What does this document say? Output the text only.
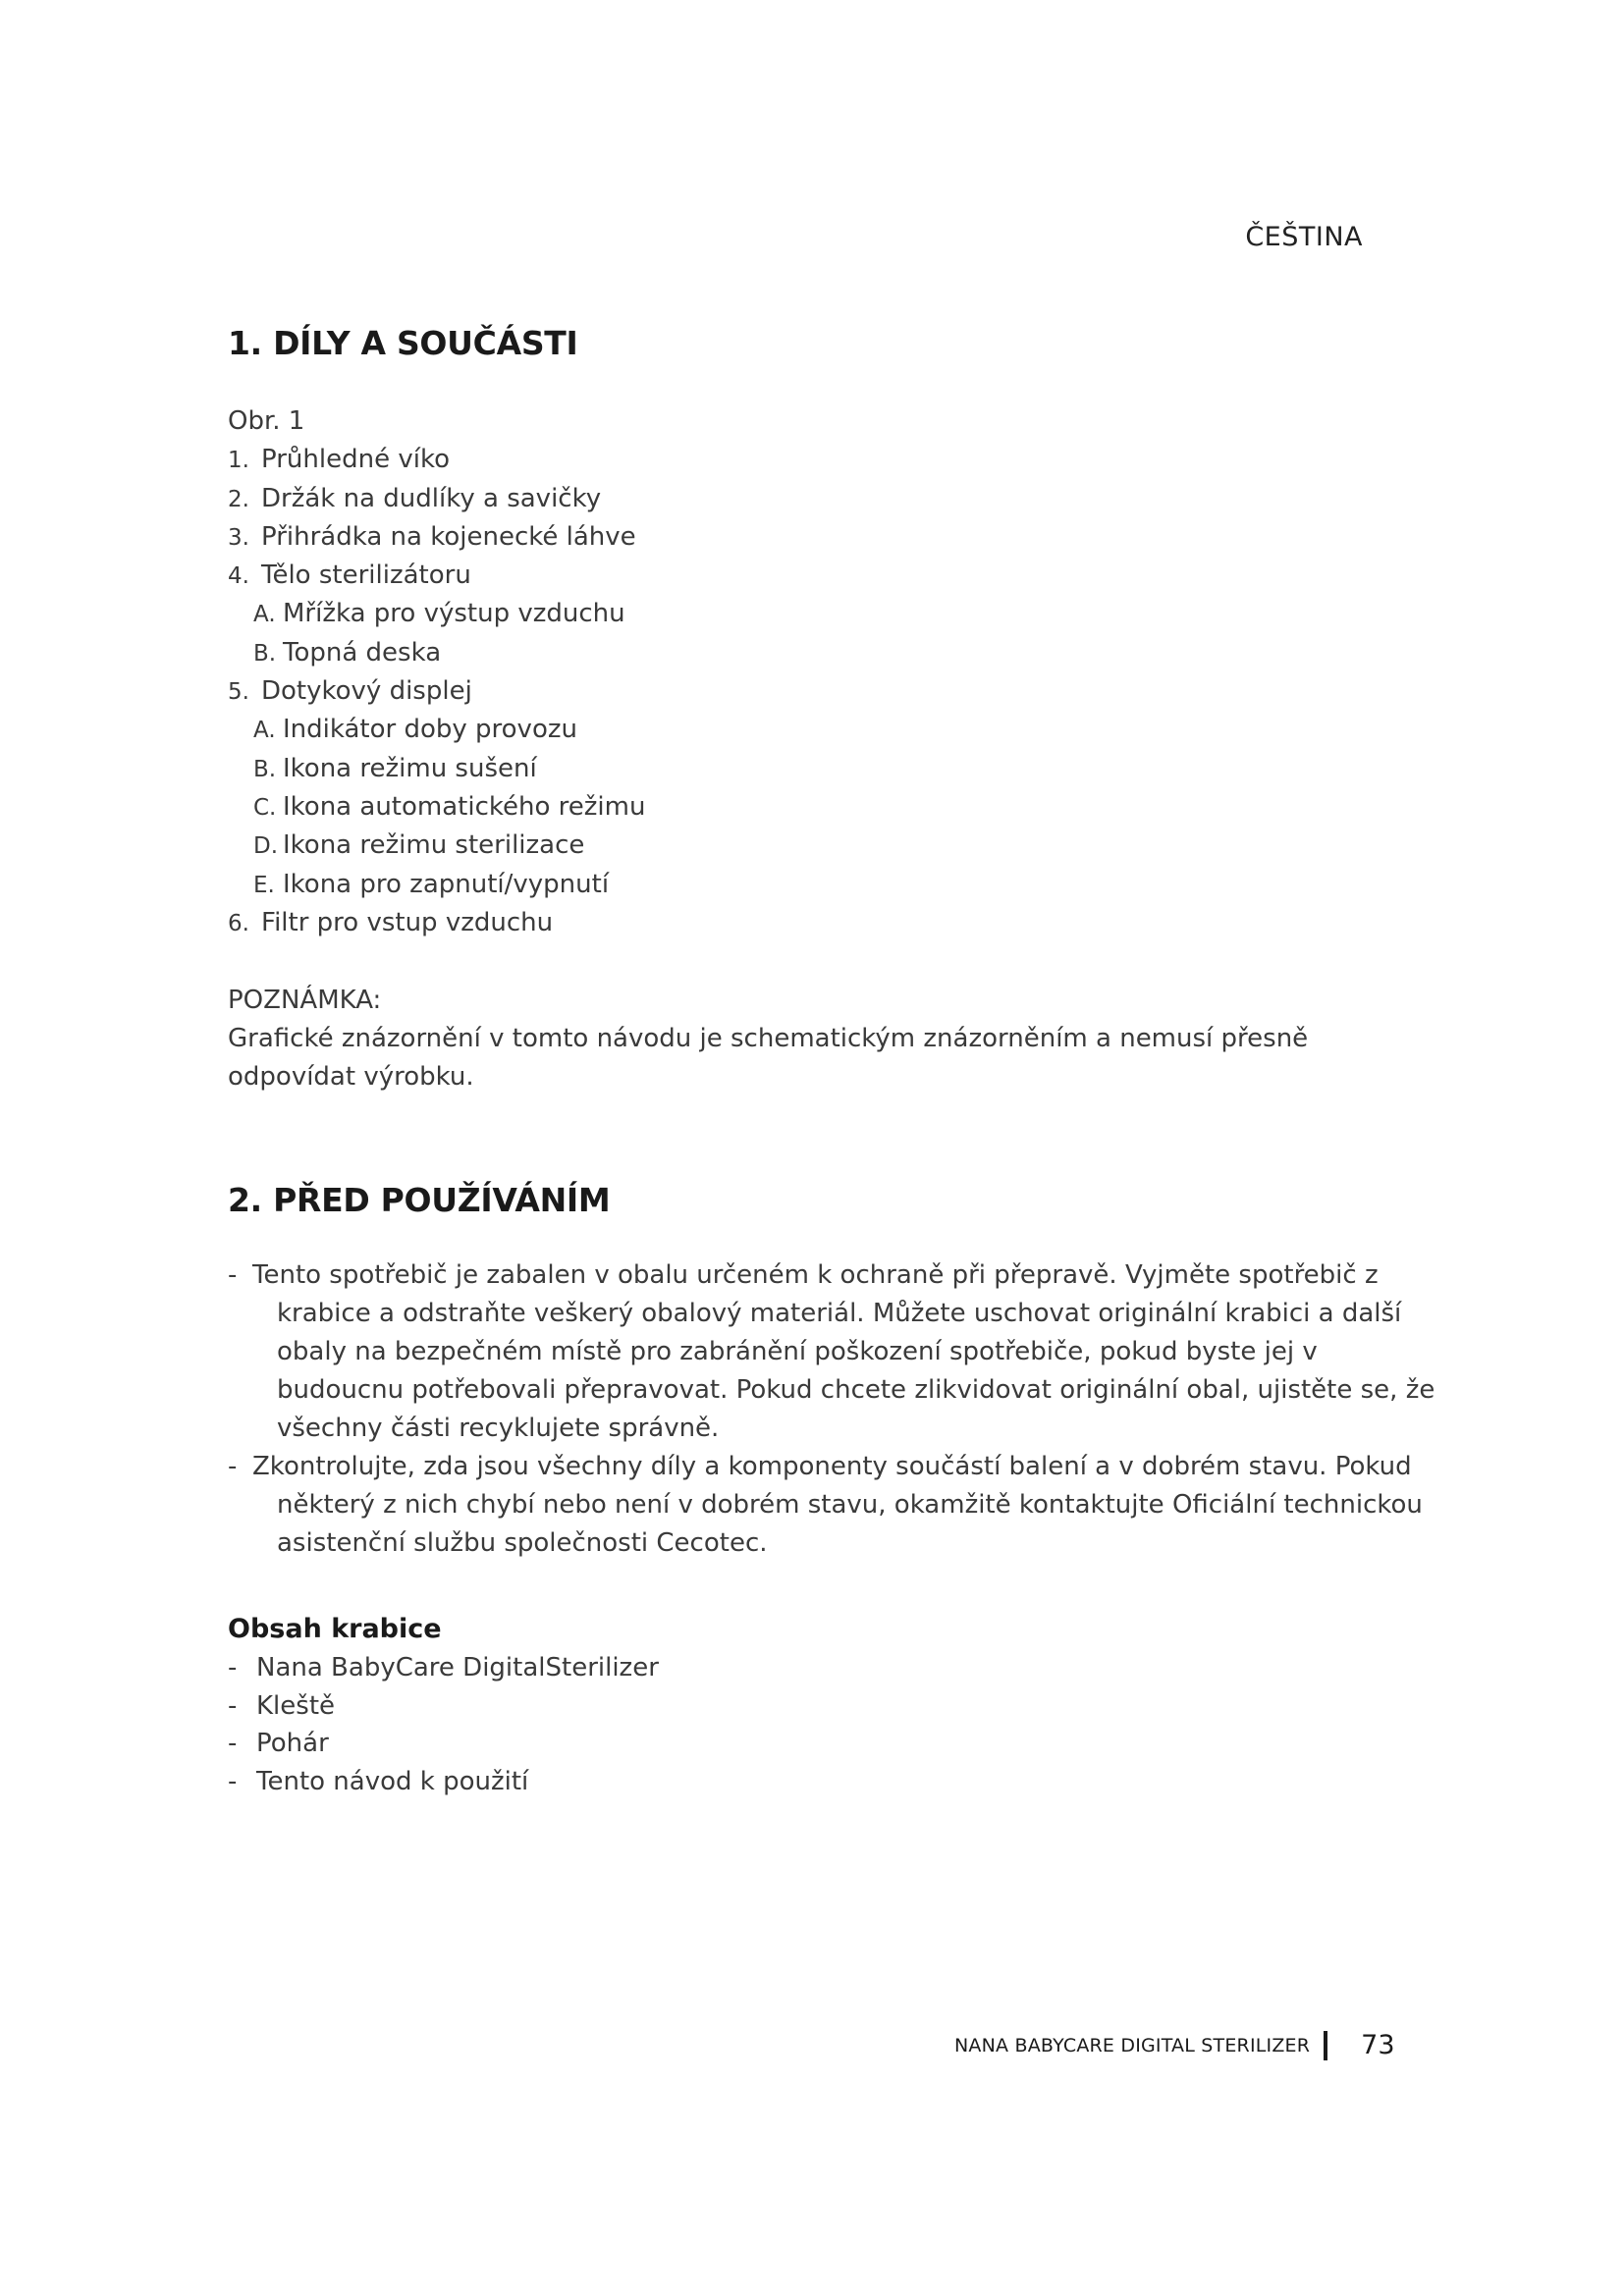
ČEŠTINA
1. DÍLY A SOUČÁSTI
Obr. 1
1. Průhledné víko
2. Držák na dudlíky a savičky
3. Přihrádka na kojenecké láhve
4. Tělo sterilizátoru
A. Mřížka pro výstup vzduchu
B. Topná deska
5. Dotykový displej
A. Indikátor doby provozu
B. Ikona režimu sušení
C. Ikona automatického režimu
D. Ikona režimu sterilizace
E. Ikona pro zapnutí/vypnutí
6. Filtr pro vstup vzduchu
POZNÁMKA:
Grafické znázornění v tomto návodu je schematickým znázorněním a nemusí přesně odpovídat výrobku.
2. PŘED POUŽÍVÁNÍM
- Tento spotřebič je zabalen v obalu určeném k ochraně při přepravě. Vyjměte spotřebič z krabice a odstraňte veškerý obalový materiál. Můžete uschovat originální krabici a další obaly na bezpečném místě pro zabránění poškození spotřebiče, pokud byste jej v budoucnu potřebovali přepravovat. Pokud chcete zlikvidovat originální obal, ujistěte se, že všechny části recyklujete správně.

- Zkontrolujte, zda jsou všechny díly a komponenty součástí balení a v dobrém stavu. Pokud některý z nich chybí nebo není v dobrém stavu, okamžitě kontaktujte Oficiální technickou asistenční službu společnosti Cecotec.

Obsah krabice
- Nana BabyCare DigitalSterilizer
- Kleště
- Pohár
- Tento návod k použití
NANA BABYCARE DIGITAL STERILIZER 73
